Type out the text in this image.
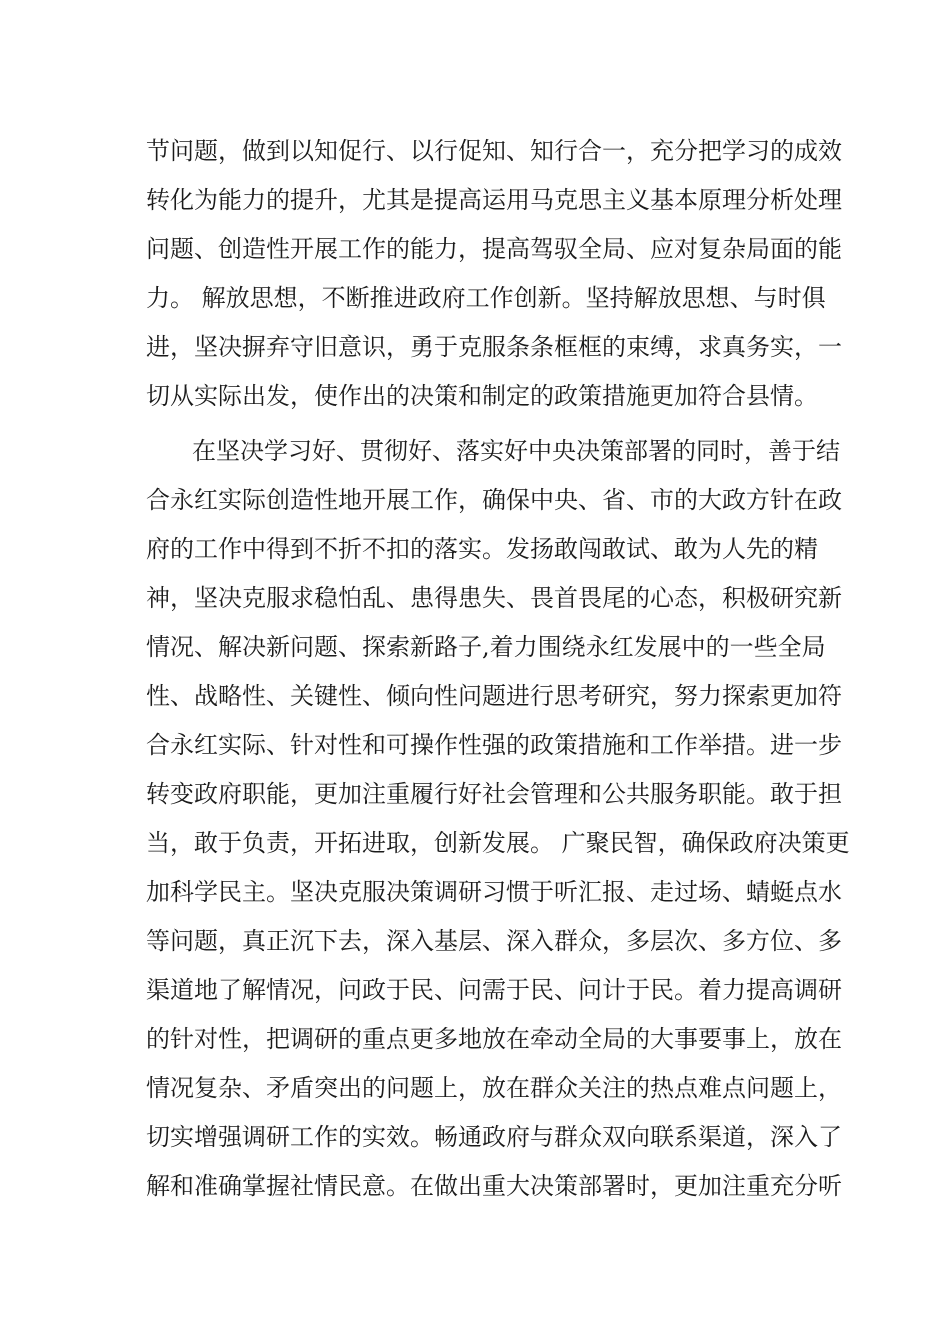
节问题，做到以知促行、以行促知、知行合一，充分把学习的成效
转化为能力的提升，尤其是提高运用马克思主义基本原理分析处理
问题、创造性开展工作的能力，提高驾驭全局、应对复杂局面的能
力。 解放思想，不断推进政府工作创新。坚持解放思想、与时俱
进，坚决摒弃守旧意识，勇于克服条条框框的束缚，求真务实，一
切从实际出发，使作出的决策和制定的政策措施更加符合县情。
在坚决学习好、贯彻好、落实好中央决策部署的同时，善于结
合永红实际创造性地开展工作，确保中央、省、市的大政方针在政
府的工作中得到不折不扣的落实。发扬敢闯敢试、敢为人先的精
神，坚决克服求稳怕乱、患得患失、畏首畏尾的心态，积极研究新
情况、解决新问题、探索新路子,着力围绕永红发展中的一些全局
性、战略性、关键性、倾向性问题进行思考研究，努力探索更加符
合永红实际、针对性和可操作性强的政策措施和工作举措。进一步
转变政府职能，更加注重履行好社会管理和公共服务职能。敢于担
当，敢于负责，开拓进取，创新发展。 广聚民智，确保政府决策更
加科学民主。坚决克服决策调研习惯于听汇报、走过场、蜻蜓点水
等问题，真正沉下去，深入基层、深入群众，多层次、多方位、多
渠道地了解情况，问政于民、问需于民、问计于民。着力提高调研
的针对性，把调研的重点更多地放在牵动全局的大事要事上，放在
情况复杂、矛盾突出的问题上，放在群众关注的热点难点问题上，
切实增强调研工作的实效。畅通政府与群众双向联系渠道，深入了
解和准确掌握社情民意。在做出重大决策部署时，更加注重充分听
